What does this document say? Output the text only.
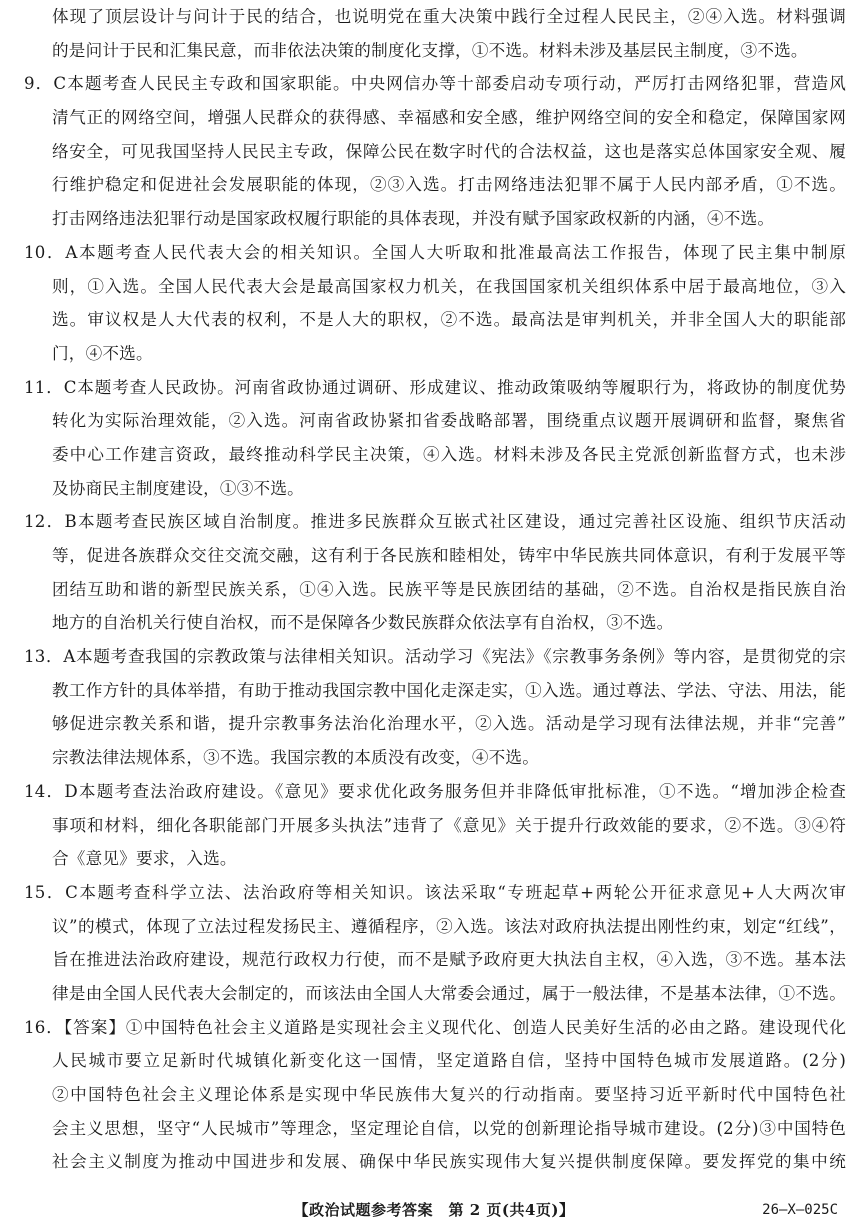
体现了顶层设计与问计于民的结合，也说明党在重大决策中践行全过程人民民主，②④入选。材料强调
的是问计于民和汇集民意，而非依法决策的制度化支撑，①不选。材料未涉及基层民主制度，③不选。
9．C本题考查人民民主专政和国家职能。中央网信办等十部委启动专项行动，严厉打击网络犯罪，营造风
清气正的网络空间，增强人民群众的获得感、幸福感和安全感，维护网络空间的安全和稳定，保障国家网
络安全，可见我国坚持人民民主专政，保障公民在数字时代的合法权益，这也是落实总体国家安全观、履
行维护稳定和促进社会发展职能的体现，②③入选。打击网络违法犯罪不属于人民内部矛盾，①不选。
打击网络违法犯罪行动是国家政权履行职能的具体表现，并没有赋予国家政权新的内涵，④不选。
10．A本题考查人民代表大会的相关知识。全国人大听取和批准最高法工作报告，体现了民主集中制原
则，①入选。全国人民代表大会是最高国家权力机关，在我国国家机关组织体系中居于最高地位，③入
选。审议权是人大代表的权利，不是人大的职权，②不选。最高法是审判机关，并非全国人大的职能部
门，④不选。
11．C本题考查人民政协。河南省政协通过调研、形成建议、推动政策吸纳等履职行为，将政协的制度优势
转化为实际治理效能，②入选。河南省政协紧扣省委战略部署，围绕重点议题开展调研和监督，聚焦省
委中心工作建言资政，最终推动科学民主决策，④入选。材料未涉及各民主党派创新监督方式，也未涉
及协商民主制度建设，①③不选。
12．B本题考查民族区域自治制度。推进多民族群众互嵌式社区建设，通过完善社区设施、组织节庆活动
等，促进各族群众交往交流交融，这有利于各民族和睦相处，铸牢中华民族共同体意识，有利于发展平等
团结互助和谐的新型民族关系，①④入选。民族平等是民族团结的基础，②不选。自治权是指民族自治
地方的自治机关行使自治权，而不是保障各少数民族群众依法享有自治权，③不选。
13．A本题考查我国的宗教政策与法律相关知识。活动学习《宪法》《宗教事务条例》等内容，是贯彻党的宗
教工作方针的具体举措，有助于推动我国宗教中国化走深走实，①入选。通过尊法、学法、守法、用法，能
够促进宗教关系和谐，提升宗教事务法治化治理水平，②入选。活动是学习现有法律法规，并非“完善”
宗教法律法规体系，③不选。我国宗教的本质没有改变，④不选。
14．D本题考查法治政府建设。《意见》要求优化政务服务但并非降低审批标准，①不选。“增加涉企检查
事项和材料，细化各职能部门开展多头执法”违背了《意见》关于提升行政效能的要求，②不选。③④符
合《意见》要求，入选。
15．C本题考查科学立法、法治政府等相关知识。该法采取“专班起草+两轮公开征求意见+人大两次审
议”的模式，体现了立法过程发扬民主、遵循程序，②入选。该法对政府执法提出刚性约束，划定“红线”，
旨在推进法治政府建设，规范行政权力行使，而不是赋予政府更大执法自主权，④入选，③不选。基本法
律是由全国人民代表大会制定的，而该法由全国人大常委会通过，属于一般法律，不是基本法律，①不选。
16．【答案】①中国特色社会主义道路是实现社会主义现代化、创造人民美好生活的必由之路。建设现代化
人民城市要立足新时代城镇化新变化这一国情，坚定道路自信，坚持中国特色城市发展道路。(2分)
②中国特色社会主义理论体系是实现中华民族伟大复兴的行动指南。要坚持习近平新时代中国特色社
会主义思想，坚守“人民城市”等理念，坚定理论自信，以党的创新理论指导城市建设。(2分)③中国特色
社会主义制度为推动中国进步和发展、确保中华民族实现伟大复兴提供制度保障。要发挥党的集中统
【政治试题参考答案　第 2 页(共4页)】	26—X—025C
